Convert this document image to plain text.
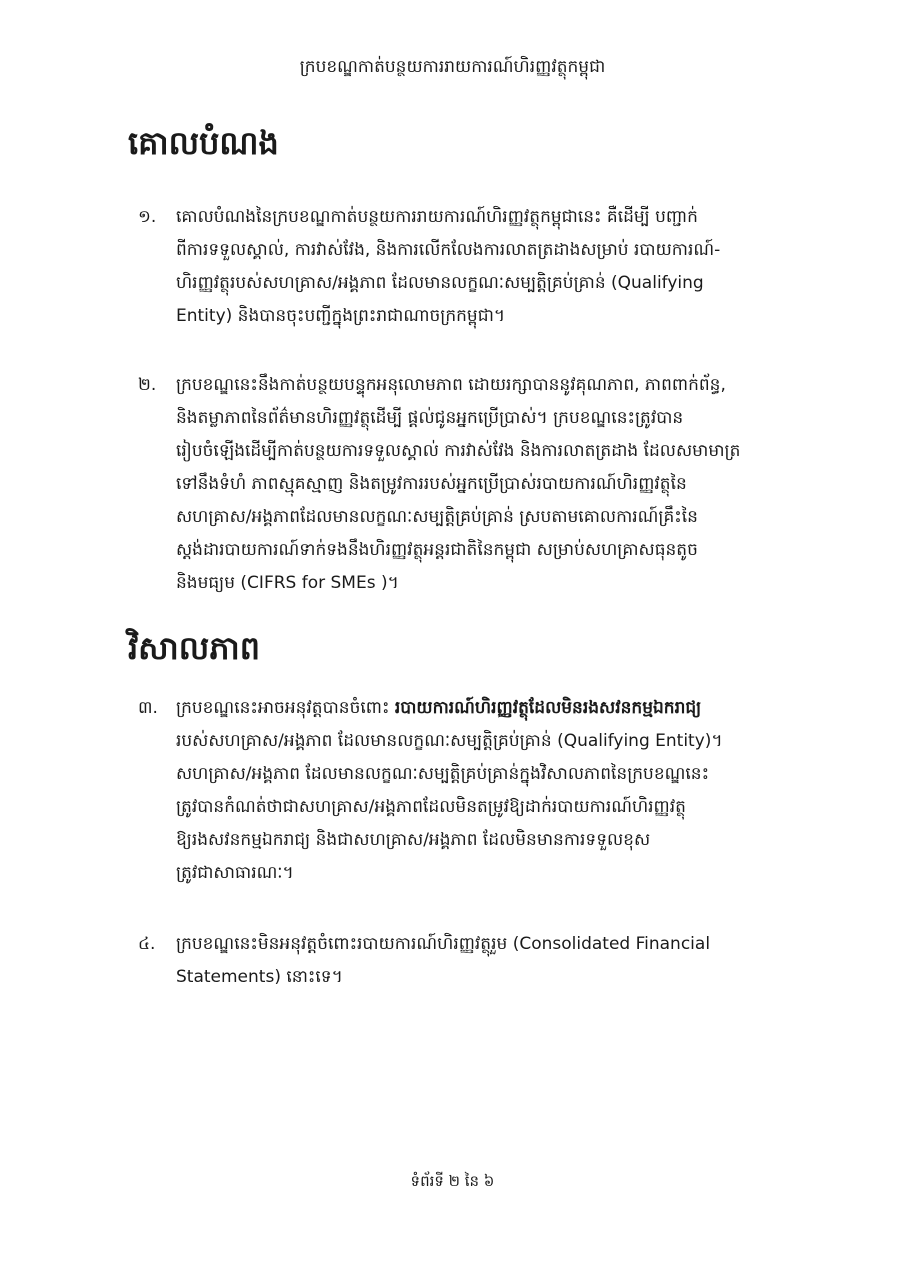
ក្របខណ្ឌកាត់បន្ថយការរាយការណ៍ហិរញ្ញវត្ថុកម្ពុជា
គោលបំណង
១. គោលបំណងនៃក្របខណ្ឌកាត់បន្ថយការរាយការណ៍ហិរញ្ញវត្ថុកម្ពុជានេះ គឺដើម្បី បញ្ជាក់
ពីការទទួលស្គាល់, ការវាស់វែង, និងការលើកលែងការលាតត្រដាងសម្រាប់ របាយការណ៍-
ហិរញ្ញវត្ថុរបស់សហគ្រាស/អង្គភាព ដែលមានលក្ខណៈសម្បត្តិគ្រប់គ្រាន់ (Qualifying
Entity) និងបានចុះបញ្ជីក្នុងព្រះរាជាណាចក្រកម្ពុជា។
២. ក្របខណ្ឌនេះនឹងកាត់បន្ថយបន្ទុកអនុលោមភាព ដោយរក្សាបាននូវគុណភាព, ភាពពាក់ព័ន្ធ,
និងតម្លាភាពនៃព័ត៌មានហិរញ្ញវត្ថុដើម្បី ផ្តល់ជូនអ្នកប្រើប្រាស់។ ក្របខណ្ឌនេះត្រូវបាន
រៀបចំឡើងដើម្បីកាត់បន្ថយការទទួលស្គាល់ ការវាស់វែង និងការលាតត្រដាង ដែលសមាមាត្រ
ទៅនឹងទំហំ ភាពស្មុគស្មាញ និងតម្រូវការរបស់អ្នកប្រើប្រាស់របាយការណ៍ហិរញ្ញវត្ថុនៃ
សហគ្រាស/អង្គភាពដែលមានលក្ខណៈសម្បត្តិគ្រប់គ្រាន់ ស្របតាមគោលការណ៍គ្រឹះនៃ
ស្តង់ដារបាយការណ៍ទាក់ទងនឹងហិរញ្ញវត្ថុអន្តរជាតិនៃកម្ពុជា សម្រាប់សហគ្រាសធុនតូច
និងមធ្យម (CIFRS for SMEs )។
វិសាលភាព
៣. ក្របខណ្ឌនេះអាចអនុវត្តបានចំពោះ របាយការណ៍ហិរញ្ញវត្ថុដែលមិនរងសវនកម្មឯករាជ្យ
របស់សហគ្រាស/អង្គភាព ដែលមានលក្ខណៈសម្បត្តិគ្រប់គ្រាន់ (Qualifying Entity)។
សហគ្រាស/អង្គភាព ដែលមានលក្ខណៈសម្បត្តិគ្រប់គ្រាន់ក្នុងវិសាលភាពនៃក្របខណ្ឌនេះ
ត្រូវបានកំណត់ថាជាសហគ្រាស/អង្គភាពដែលមិនតម្រូវឱ្យដាក់របាយការណ៍ហិរញ្ញវត្ថុ
ឱ្យរងសវនកម្មឯករាជ្យ និងជាសហគ្រាស/អង្គភាព ដែលមិនមានការទទួលខុស
ត្រូវជាសាធារណៈ។
៤. ក្របខណ្ឌនេះមិនអនុវត្តចំពោះរបាយការណ៍ហិរញ្ញវត្ថុរួម (Consolidated Financial
Statements) នោះទេ។
ទំព័រទី ២ នៃ ៦
